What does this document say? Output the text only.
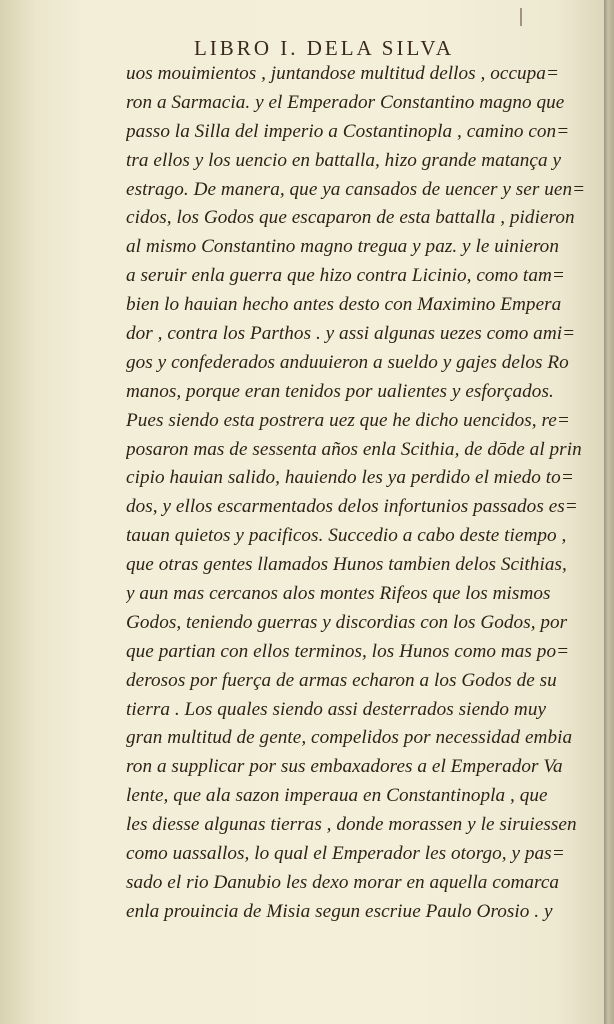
LIBRO I. DELA SILVA
uos mouimientos , juntandose multitud dellos , occupa=
ron a Sarmacia. y el Emperador Constantino magno que
passo la Silla del imperio a Costantinopla , camino con=
tra ellos y los uencio en battalla, hizo grande matança y
estrago. De manera, que ya cansados de uencer y ser uen=
cidos, los Godos que escaparon de esta battalla , pidieron
al mismo Constantino magno tregua y paz. y le uinieron
a seruir enla guerra que hizo contra Licinio, como tam=
bien lo hauian hecho antes desto con Maximino Empera
dor , contra los Parthos . y assi algunas uezes como ami=
gos y confederados anduuieron a sueldo y gajes delos Ro
manos, porque eran tenidos por ualientes y esforçados.
Pues siendo esta postrera uez que he dicho uencidos, re=
posaron mas de sessenta años enla Scithia, de dōde al prin
cipio hauian salido, hauiendo les ya perdido el miedo to=
dos, y ellos escarmentados delos infortunios passados es=
tauan quietos y pacificos. Succedio a cabo deste tiempo ,
que otras gentes llamados Hunos tambien delos Scithias,
y aun mas cercanos alos montes Rifeos que los mismos
Godos, teniendo guerras y discordias con los Godos, por
que partian con ellos terminos, los Hunos como mas po=
derosos por fuerça de armas echaron a los Godos de su
tierra . Los quales siendo assi desterrados siendo muy
gran multitud de gente, compelidos por necessidad embia
ron a supplicar por sus embaxadores a el Emperador Va
lente, que ala sazon imperaua en Constantinopla , que
les diesse algunas tierras , donde morassen y le siruiessen
como uassallos, lo qual el Emperador les otorgo, y pas=
sado el rio Danubio les dexo morar en aquella comarca
enla prouincia de Misia segun escriue Paulo Orosio . y
